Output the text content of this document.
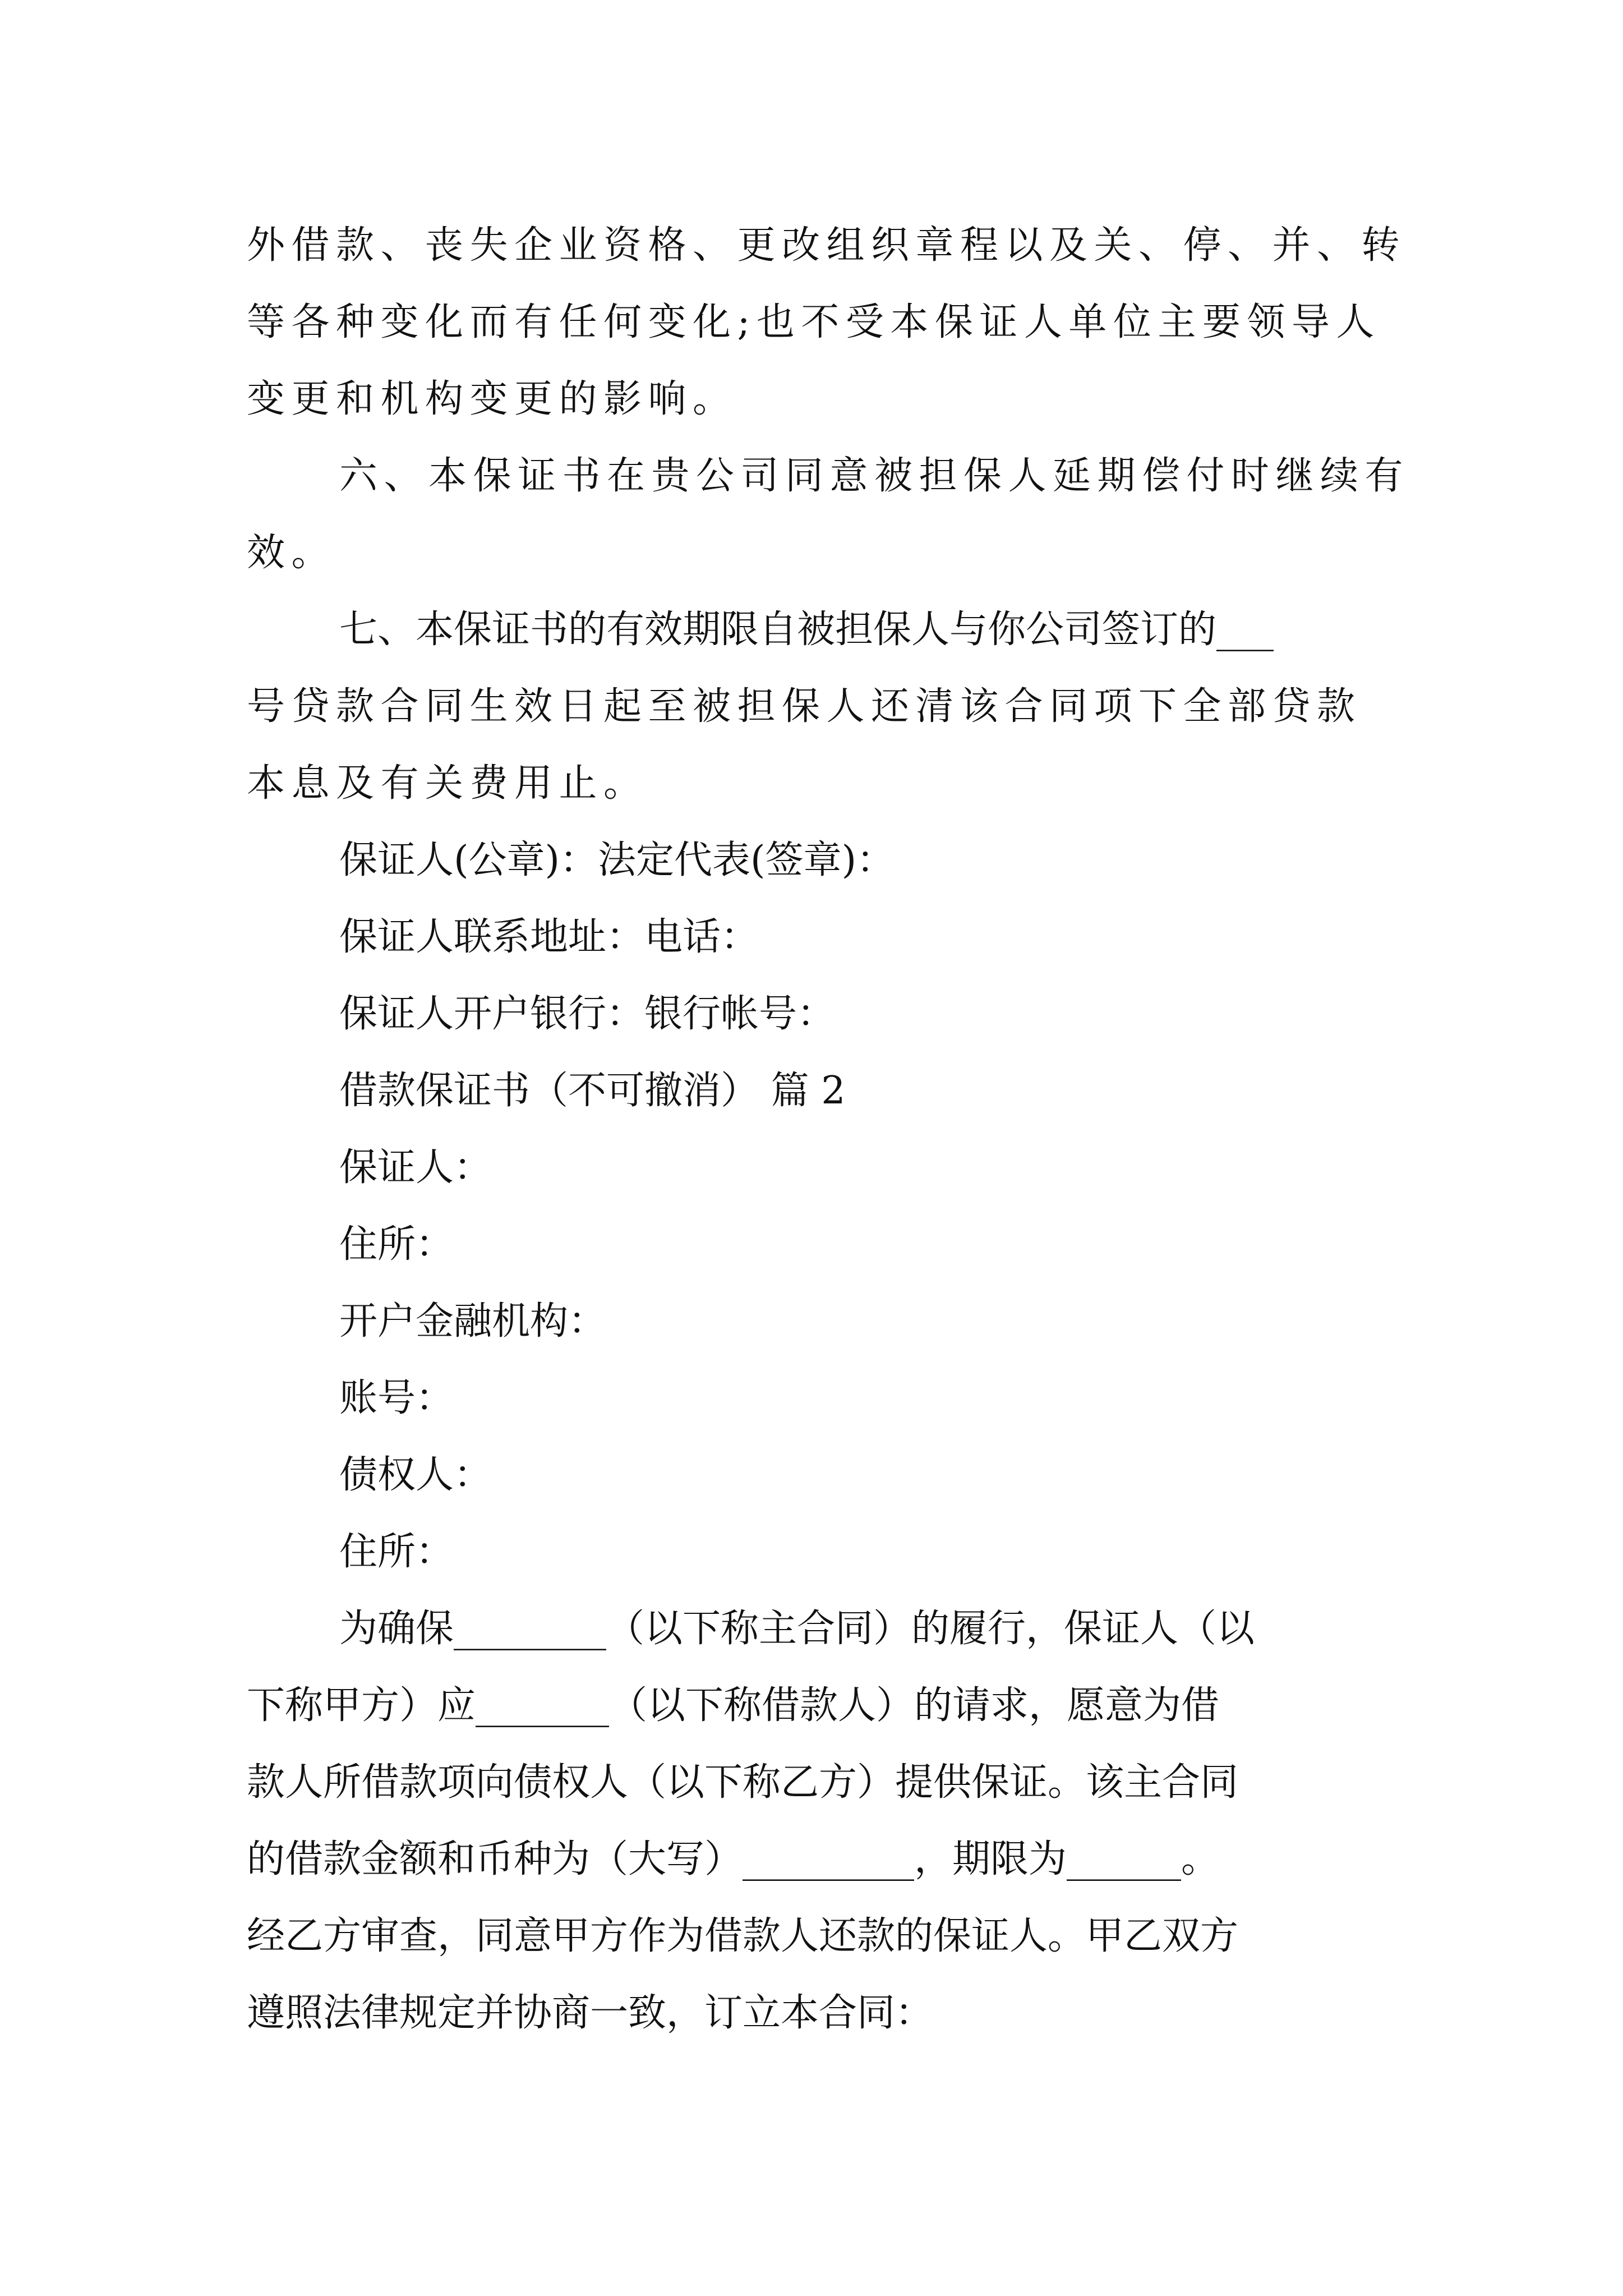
外借款、丧失企业资格、更改组织章程以及关、停、并、转
等各种变化而有任何变化;也不受本保证人单位主要领导人
变更和机构变更的影响。
六、本保证书在贵公司同意被担保人延期偿付时继续有
效。
七、本保证书的有效期限自被担保人与你公司签订的___
号贷款合同生效日起至被担保人还清该合同项下全部贷款
本息及有关费用止。
保证人(公章)：法定代表(签章)：
保证人联系地址：电话：
保证人开户银行：银行帐号：
借款保证书（不可撤消） 篇 2
保证人：
住所：
开户金融机构：
账号：
债权人：
住所：
为确保________（以下称主合同）的履行，保证人（以
下称甲方）应_______（以下称借款人）的请求，愿意为借
款人所借款项向债权人（以下称乙方）提供保证。该主合同
的借款金额和币种为（大写）_________，期限为______。
经乙方审查，同意甲方作为借款人还款的保证人。甲乙双方
遵照法律规定并协商一致，订立本合同：
